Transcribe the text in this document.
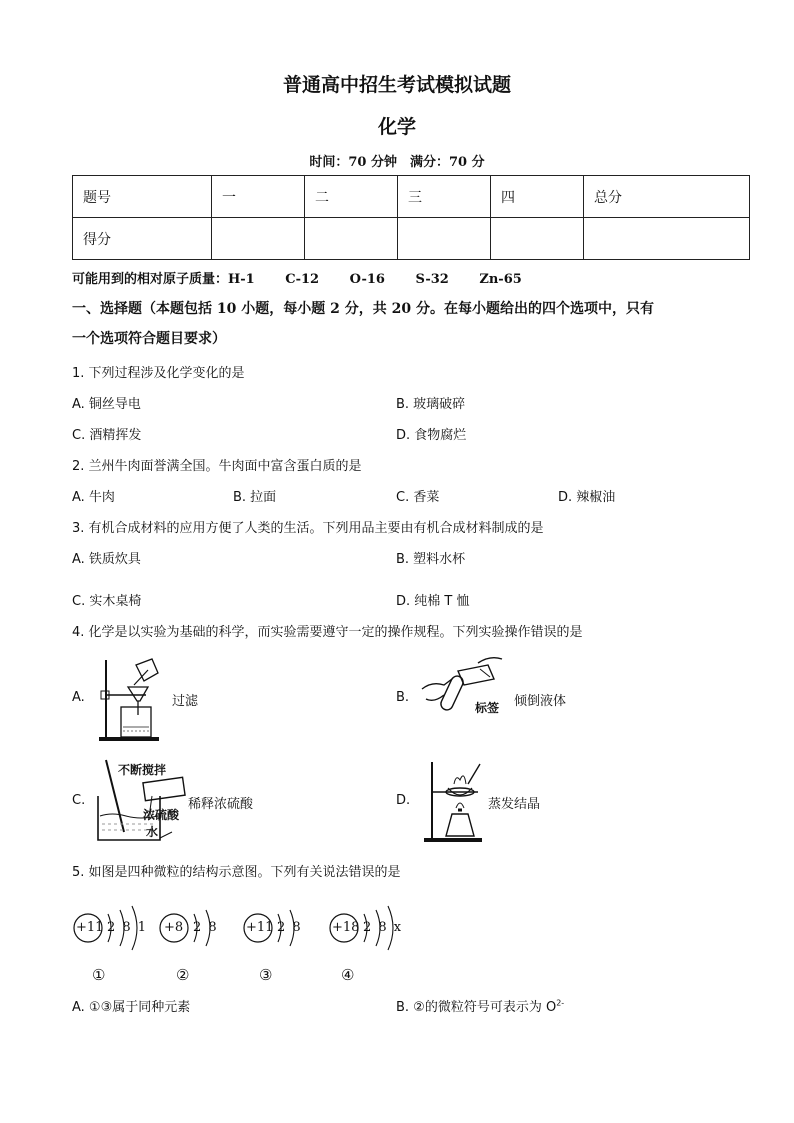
普通高中招生考试模拟试题
化学
时间：70 分钟　满分：70 分
题号	一	二	三	四	总分
得分					
可能用到的相对原子质量：H-1 C-12 O-16 S-32 Zn-65
一、选择题（本题包括 10 小题，每小题 2 分，共 20 分。在每小题给出的四个选项中，只有
一个选项符合题目要求）
1. 下列过程涉及化学变化的是
A. 铜丝导电	B. 玻璃破碎
C. 酒精挥发	D. 食物腐烂
2. 兰州牛肉面誉满全国。牛肉面中富含蛋白质的是
A. 牛肉	B. 拉面	C. 香菜	D. 辣椒油
3. 有机合成材料的应用方便了人类的生活。下列用品主要由有机合成材料制成的是
A. 铁质炊具	B. 塑料水杯
C. 实木桌椅	D. 纯棉 T 恤
4. 化学是以实验为基础的科学，而实验需要遵守一定的操作规程。下列实验操作错误的是
A.	过滤	B.
标签 倾倒液体
C.
不断搅拌
浓硫酸
水
稀释浓硫酸	D.	蒸发结晶
5. 如图是四种微粒的结构示意图。下列有关说法错误的是
+11 2 8 1 +8 2 8 +11 2 8 +18 2 8 x
①	②	③	④
A. ①③属于同种元素	B. ②的微粒符号可表示为 $O^{2-}$
